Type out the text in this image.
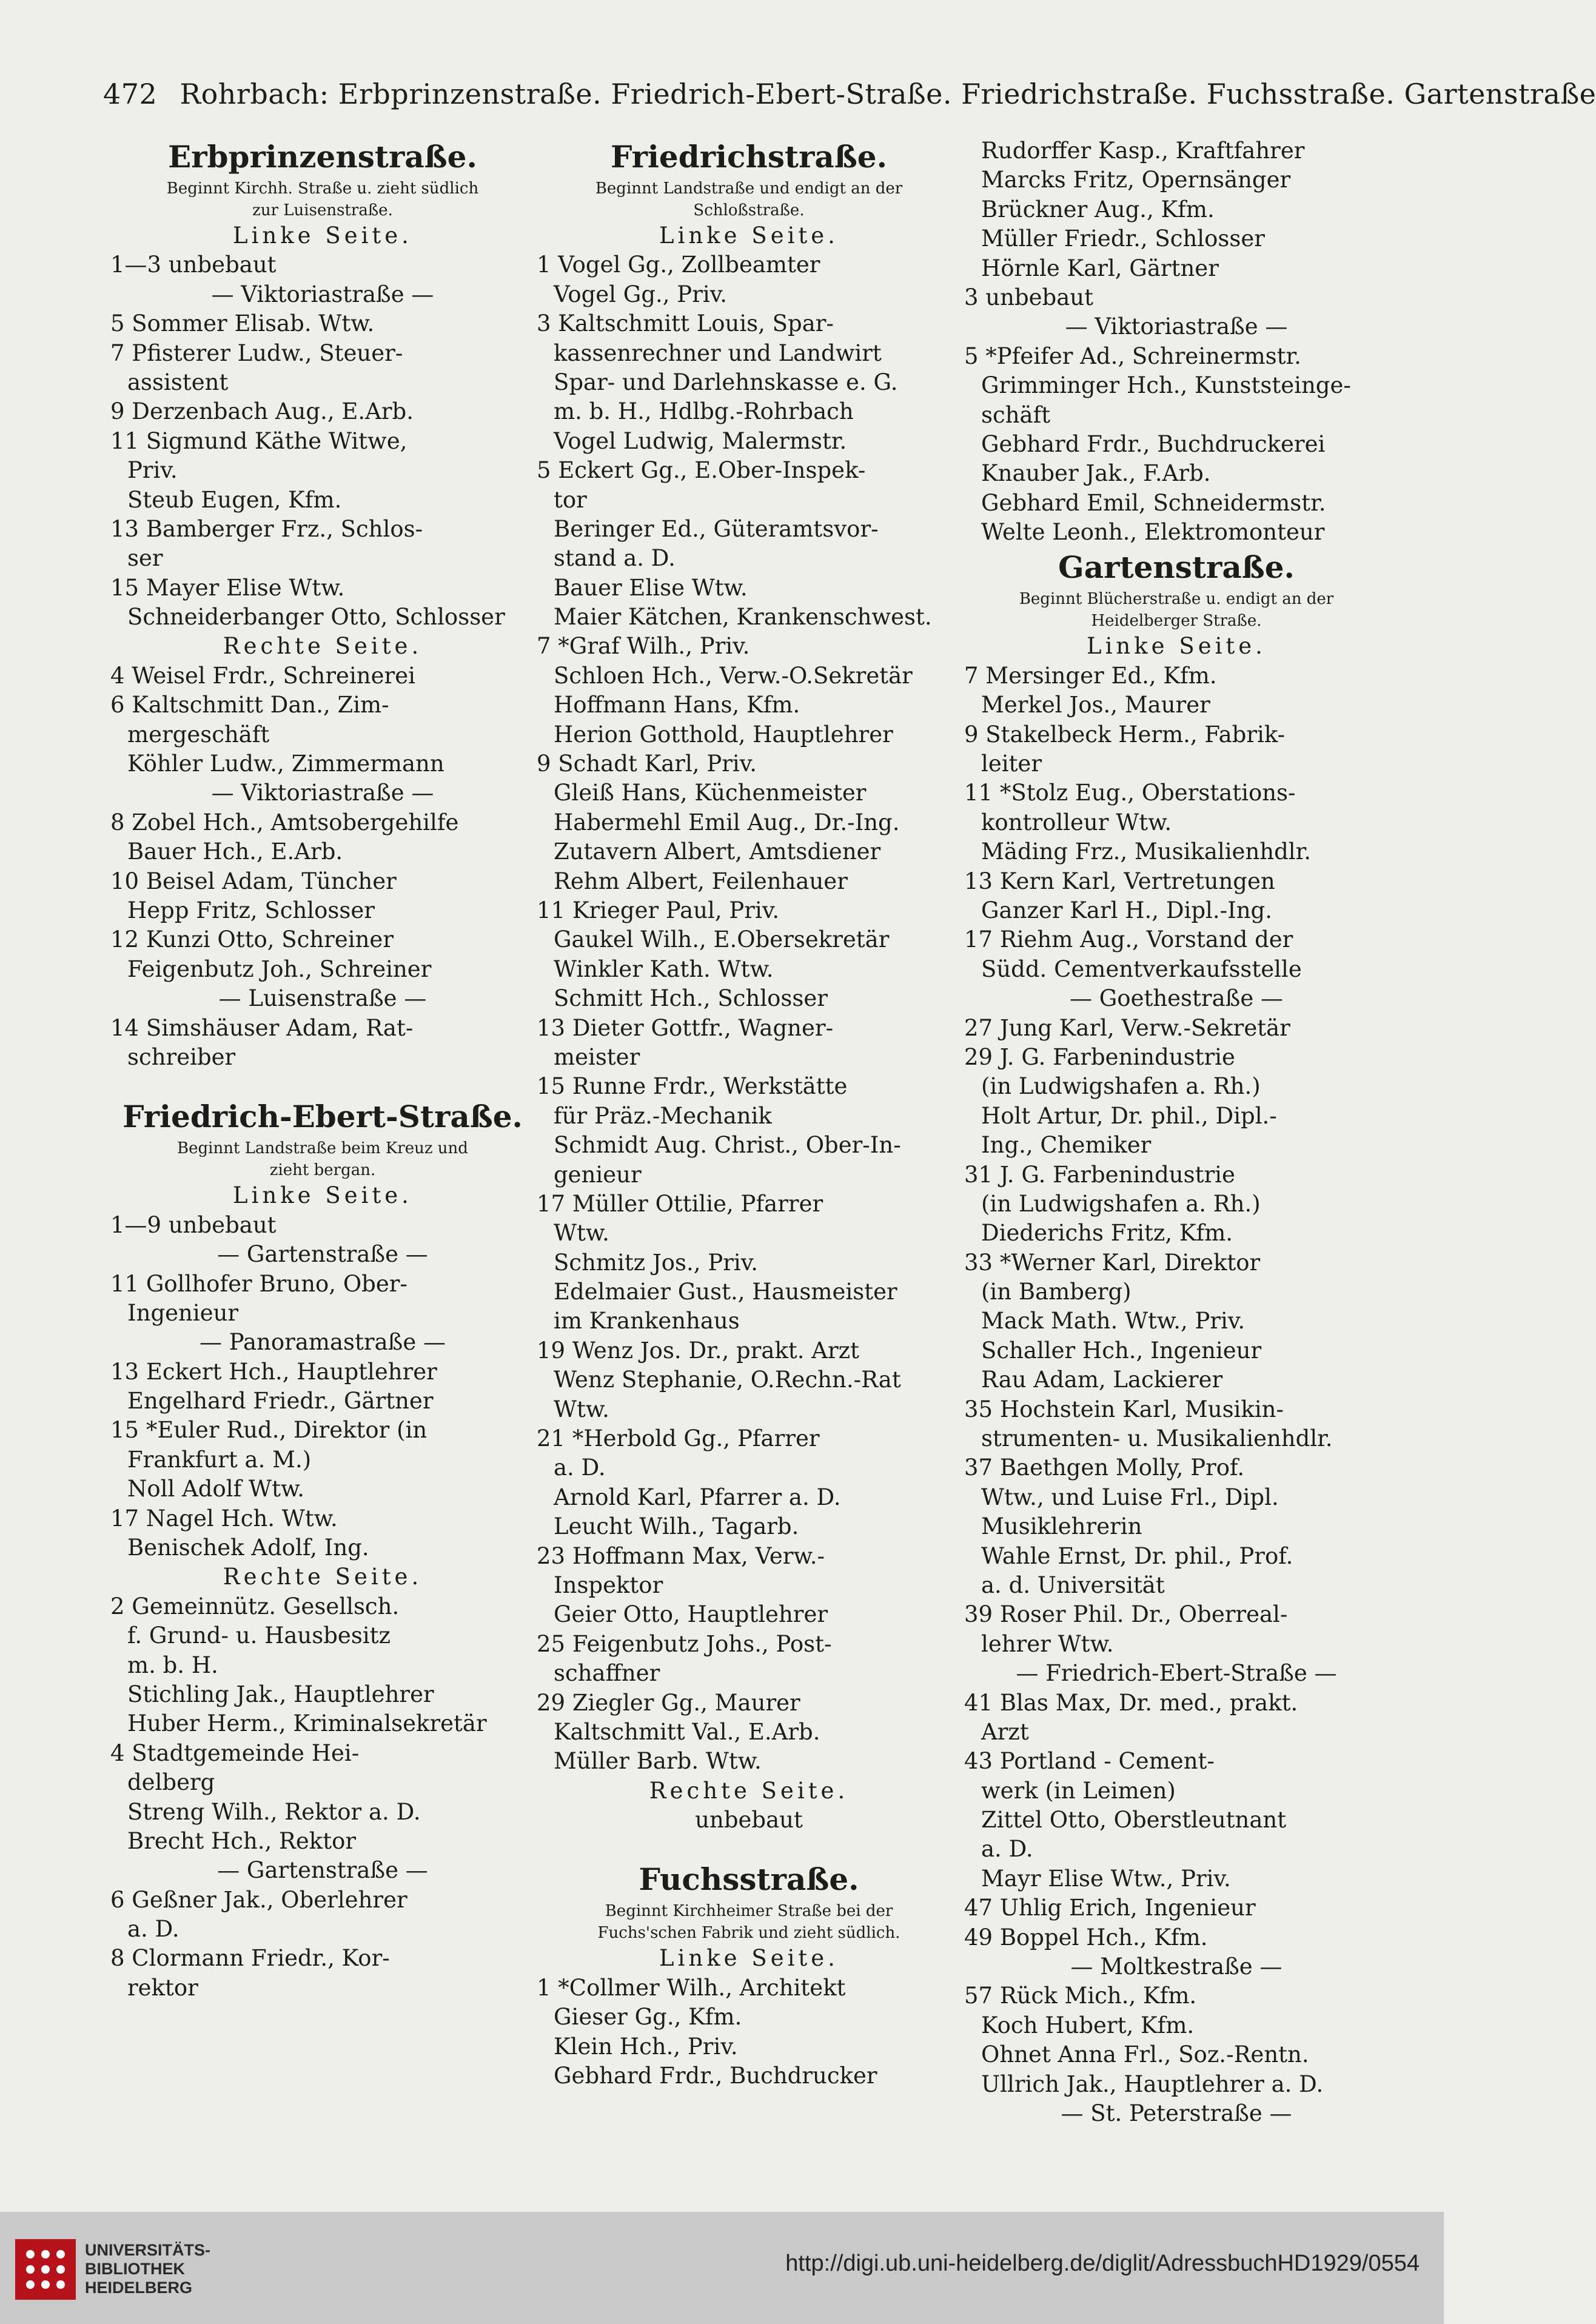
472 Rohrbach: Erbprinzenstraße. Friedrich-Ebert-Straße. Friedrichstraße. Fuchsstraße. Gartenstraße
Erbprinzenstraße.
Beginnt Kirchh. Straße u. zieht südlich
zur Luisenstraße.
Linke Seite.
1—3 unbebaut
— Viktoriastraße —
5 Sommer Elisab. Wtw.
7 Pfisterer Ludw., Steuer-
assistent
9 Derzenbach Aug., E.Arb.
11 Sigmund Käthe Witwe,
Priv.
Steub Eugen, Kfm.
13 Bamberger Frz., Schlos-
ser
15 Mayer Elise Wtw.
Schneiderbanger Otto, Schlosser
Rechte Seite.
4 Weisel Frdr., Schreinerei
6 Kaltschmitt Dan., Zim-
mergeschäft
Köhler Ludw., Zimmermann
— Viktoriastraße —
8 Zobel Hch., Amtsobergehilfe
Bauer Hch., E.Arb.
10 Beisel Adam, Tüncher
Hepp Fritz, Schlosser
12 Kunzi Otto, Schreiner
Feigenbutz Joh., Schreiner
— Luisenstraße —
14 Simshäuser Adam, Rat-
schreiber
Friedrich-Ebert-Straße.
Beginnt Landstraße beim Kreuz und
zieht bergan.
Linke Seite.
1—9 unbebaut
— Gartenstraße —
11 Gollhofer Bruno, Ober-
Ingenieur
— Panoramastraße —
13 Eckert Hch., Hauptlehrer
Engelhard Friedr., Gärtner
15 *Euler Rud., Direktor (in
Frankfurt a. M.)
Noll Adolf Wtw.
17 Nagel Hch. Wtw.
Benischek Adolf, Ing.
Rechte Seite.
2 Gemeinnütz. Gesellsch.
f. Grund- u. Hausbesitz
m. b. H.
Stichling Jak., Hauptlehrer
Huber Herm., Kriminalsekretär
4 Stadtgemeinde Hei-
delberg
Streng Wilh., Rektor a. D.
Brecht Hch., Rektor
— Gartenstraße —
6 Geßner Jak., Oberlehrer
a. D.
8 Clormann Friedr., Kor-
rektor
Friedrichstraße.
Beginnt Landstraße und endigt an der
Schloßstraße.
Linke Seite.
1 Vogel Gg., Zollbeamter
Vogel Gg., Priv.
3 Kaltschmitt Louis, Spar-
kassenrechner und Landwirt
Spar- und Darlehnskasse e. G.
m. b. H., Hdlbg.-Rohrbach
Vogel Ludwig, Malermstr.
5 Eckert Gg., E.Ober-Inspek-
tor
Beringer Ed., Güteramtsvor-
stand a. D.
Bauer Elise Wtw.
Maier Kätchen, Krankenschwest.
7 *Graf Wilh., Priv.
Schloen Hch., Verw.-O.Sekretär
Hoffmann Hans, Kfm.
Herion Gotthold, Hauptlehrer
9 Schadt Karl, Priv.
Gleiß Hans, Küchenmeister
Habermehl Emil Aug., Dr.-Ing.
Zutavern Albert, Amtsdiener
Rehm Albert, Feilenhauer
11 Krieger Paul, Priv.
Gaukel Wilh., E.Obersekretär
Winkler Kath. Wtw.
Schmitt Hch., Schlosser
13 Dieter Gottfr., Wagner-
meister
15 Runne Frdr., Werkstätte
für Präz.-Mechanik
Schmidt Aug. Christ., Ober-In-
genieur
17 Müller Ottilie, Pfarrer
Wtw.
Schmitz Jos., Priv.
Edelmaier Gust., Hausmeister
im Krankenhaus
19 Wenz Jos. Dr., prakt. Arzt
Wenz Stephanie, O.Rechn.-Rat
Wtw.
21 *Herbold Gg., Pfarrer
a. D.
Arnold Karl, Pfarrer a. D.
Leucht Wilh., Tagarb.
23 Hoffmann Max, Verw.-
Inspektor
Geier Otto, Hauptlehrer
25 Feigenbutz Johs., Post-
schaffner
29 Ziegler Gg., Maurer
Kaltschmitt Val., E.Arb.
Müller Barb. Wtw.
Rechte Seite.
unbebaut
Fuchsstraße.
Beginnt Kirchheimer Straße bei der
Fuchs'schen Fabrik und zieht südlich.
Linke Seite.
1 *Collmer Wilh., Architekt
Gieser Gg., Kfm.
Klein Hch., Priv.
Gebhard Frdr., Buchdrucker
Rudorffer Kasp., Kraftfahrer
Marcks Fritz, Opernsänger
Brückner Aug., Kfm.
Müller Friedr., Schlosser
Hörnle Karl, Gärtner
3 unbebaut
— Viktoriastraße —
5 *Pfeifer Ad., Schreinermstr.
Grimminger Hch., Kunststeinge-
schäft
Gebhard Frdr., Buchdruckerei
Knauber Jak., F.Arb.
Gebhard Emil, Schneidermstr.
Welte Leonh., Elektromonteur
Gartenstraße.
Beginnt Blücherstraße u. endigt an der
Heidelberger Straße.
Linke Seite.
7 Mersinger Ed., Kfm.
Merkel Jos., Maurer
9 Stakelbeck Herm., Fabrik-
leiter
11 *Stolz Eug., Oberstations-
kontrolleur Wtw.
Mäding Frz., Musikalienhdlr.
13 Kern Karl, Vertretungen
Ganzer Karl H., Dipl.-Ing.
17 Riehm Aug., Vorstand der
Südd. Cementverkaufsstelle
— Goethestraße —
27 Jung Karl, Verw.-Sekretär
29 J. G. Farbenindustrie
(in Ludwigshafen a. Rh.)
Holt Artur, Dr. phil., Dipl.-
Ing., Chemiker
31 J. G. Farbenindustrie
(in Ludwigshafen a. Rh.)
Diederichs Fritz, Kfm.
33 *Werner Karl, Direktor
(in Bamberg)
Mack Math. Wtw., Priv.
Schaller Hch., Ingenieur
Rau Adam, Lackierer
35 Hochstein Karl, Musikin-
strumenten- u. Musikalienhdlr.
37 Baethgen Molly, Prof.
Wtw., und Luise Frl., Dipl.
Musiklehrerin
Wahle Ernst, Dr. phil., Prof.
a. d. Universität
39 Roser Phil. Dr., Oberreal-
lehrer Wtw.
— Friedrich-Ebert-Straße —
41 Blas Max, Dr. med., prakt.
Arzt
43 Portland - Cement-
werk (in Leimen)
Zittel Otto, Oberstleutnant
a. D.
Mayr Elise Wtw., Priv.
47 Uhlig Erich, Ingenieur
49 Boppel Hch., Kfm.
— Moltkestraße —
57 Rück Mich., Kfm.
Koch Hubert, Kfm.
Ohnet Anna Frl., Soz.-Rentn.
Ullrich Jak., Hauptlehrer a. D.
— St. Peterstraße —
UNIVERSITÄTS-
BIBLIOTHEK
HEIDELBERG
http://digi.ub.uni-heidelberg.de/diglit/AdressbuchHD1929/0554
